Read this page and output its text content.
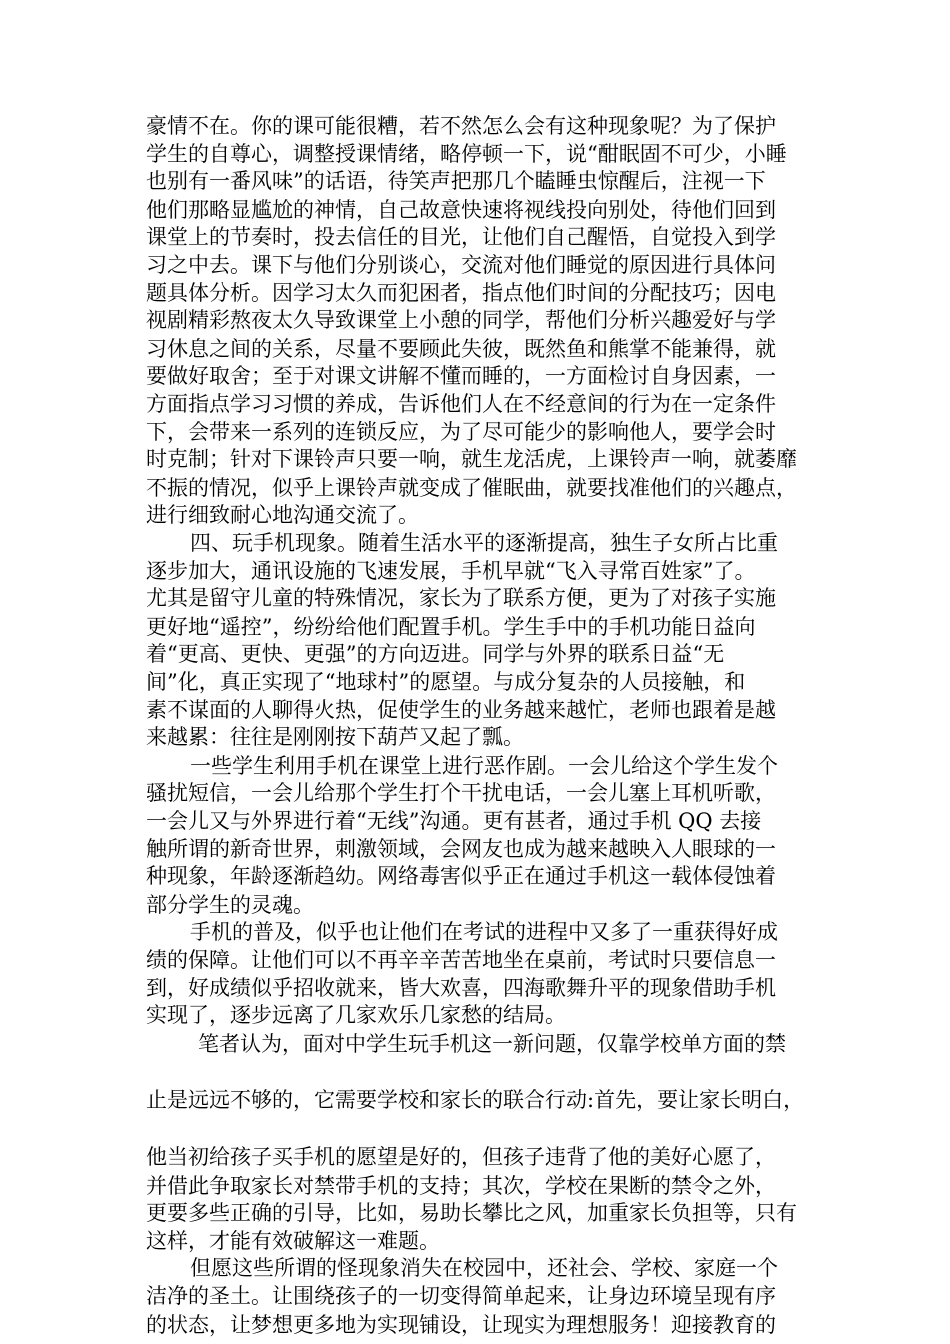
豪情不在。你的课可能很糟，若不然怎么会有这种现象呢？为了保护
学生的自尊心，调整授课情绪，略停顿一下，说“酣眠固不可少，小睡
也别有一番风味”的话语，待笑声把那几个瞌睡虫惊醒后，注视一下
他们那略显尴尬的神情，自己故意快速将视线投向别处，待他们回到
课堂上的节奏时，投去信任的目光，让他们自己醒悟，自觉投入到学
习之中去。课下与他们分别谈心，交流对他们睡觉的原因进行具体问
题具体分析。因学习太久而犯困者，指点他们时间的分配技巧；因电
视剧精彩熬夜太久导致课堂上小憩的同学，帮他们分析兴趣爱好与学
习休息之间的关系，尽量不要顾此失彼，既然鱼和熊掌不能兼得，就
要做好取舍；至于对课文讲解不懂而睡的，一方面检讨自身因素，一
方面指点学习习惯的养成，告诉他们人在不经意间的行为在一定条件
下，会带来一系列的连锁反应，为了尽可能少的影响他人，要学会时
时克制；针对下课铃声只要一响，就生龙活虎，上课铃声一响，就萎靡
不振的情况，似乎上课铃声就变成了催眠曲，就要找准他们的兴趣点，
进行细致耐心地沟通交流了。
四、玩手机现象。随着生活水平的逐渐提高，独生子女所占比重
逐步加大，通讯设施的飞速发展，手机早就“飞入寻常百姓家”了。
尤其是留守儿童的特殊情况，家长为了联系方便，更为了对孩子实施
更好地“遥控”，纷纷给他们配置手机。学生手中的手机功能日益向
着“更高、更快、更强”的方向迈进。同学与外界的联系日益“无
间”化，真正实现了“地球村”的愿望。与成分复杂的人员接触，和
素不谋面的人聊得火热，促使学生的业务越来越忙，老师也跟着是越
来越累：往往是刚刚按下葫芦又起了瓢。
一些学生利用手机在课堂上进行恶作剧。一会儿给这个学生发个
骚扰短信，一会儿给那个学生打个干扰电话，一会儿塞上耳机听歌，
一会儿又与外界进行着“无线”沟通。更有甚者，通过手机 QQ 去接
触所谓的新奇世界，刺激领域，会网友也成为越来越映入人眼球的一
种现象，年龄逐渐趋幼。网络毒害似乎正在通过手机这一载体侵蚀着
部分学生的灵魂。
手机的普及，似乎也让他们在考试的进程中又多了一重获得好成
绩的保障。让他们可以不再辛辛苦苦地坐在桌前，考试时只要信息一
到，好成绩似乎招收就来，皆大欢喜，四海歌舞升平的现象借助手机
实现了，逐步远离了几家欢乐几家愁的结局。
笔者认为，面对中学生玩手机这一新问题，仅靠学校单方面的禁
止是远远不够的，它需要学校和家长的联合行动:首先，要让家长明白，
他当初给孩子买手机的愿望是好的，但孩子违背了他的美好心愿了，
并借此争取家长对禁带手机的支持；其次，学校在果断的禁令之外，
更要多些正确的引导，比如，易助长攀比之风，加重家长负担等，只有
这样，才能有效破解这一难题。
但愿这些所谓的怪现象消失在校园中，还社会、学校、家庭一个
洁净的圣土。让围绕孩子的一切变得简单起来，让身边环境呈现有序
的状态，让梦想更多地为实现铺设，让现实为理想服务！迎接教育的
